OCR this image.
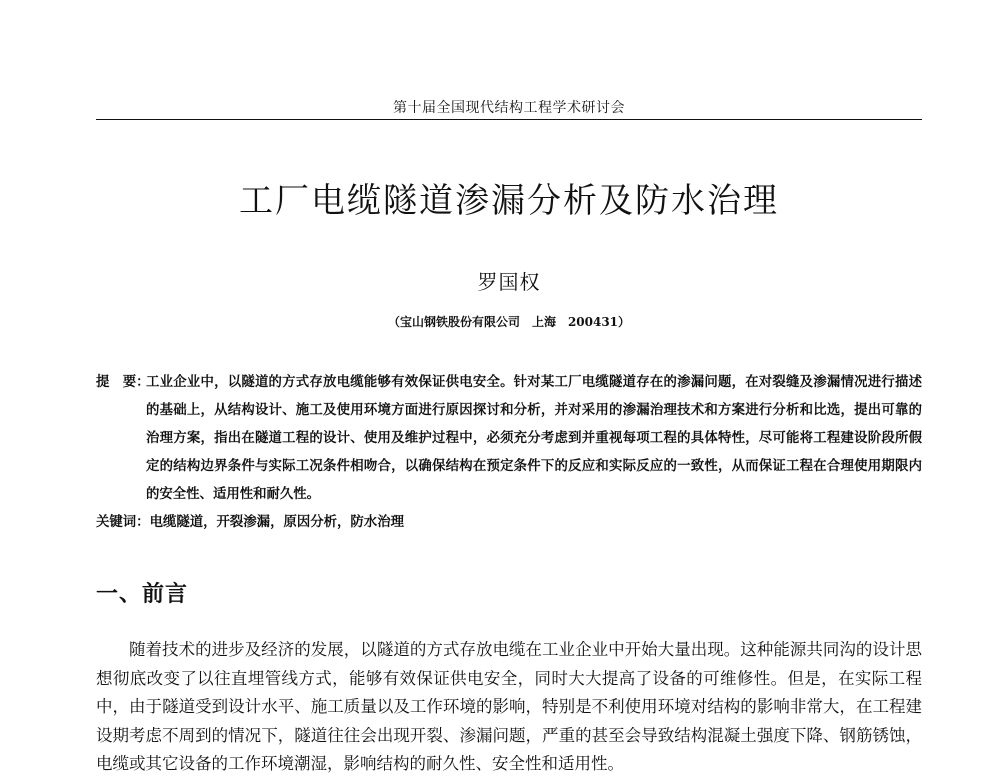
第十届全国现代结构工程学术研讨会
工厂电缆隧道渗漏分析及防水治理
罗国权
（宝山钢铁股份有限公司　上海　200431）
提　要：
工业企业中，以隧道的方式存放电缆能够有效保证供电安全。针对某工厂电缆隧道存在的渗漏问题，在对裂缝及渗漏情况进行描述的基础上，从结构设计、施工及使用环境方面进行原因探讨和分析，并对采用的渗漏治理技术和方案进行分析和比选，提出可靠的治理方案，指出在隧道工程的设计、使用及维护过程中，必须充分考虑到并重视每项工程的具体特性，尽可能将工程建设阶段所假定的结构边界条件与实际工况条件相吻合，以确保结构在预定条件下的反应和实际反应的一致性，从而保证工程在合理使用期限内的安全性、适用性和耐久性。
关键词：电缆隧道，开裂渗漏，原因分析，防水治理
一、前言
随着技术的进步及经济的发展，以隧道的方式存放电缆在工业企业中开始大量出现。这种能源共同沟的设计思想彻底改变了以往直埋管线方式，能够有效保证供电安全，同时大大提高了设备的可维修性。但是，在实际工程中，由于隧道受到设计水平、施工质量以及工作环境的影响，特别是不利使用环境对结构的影响非常大，在工程建设期考虑不周到的情况下，隧道往往会出现开裂、渗漏问题，严重的甚至会导致结构混凝土强度下降、钢筋锈蚀，电缆或其它设备的工作环境潮湿，影响结构的耐久性、安全性和适用性。
